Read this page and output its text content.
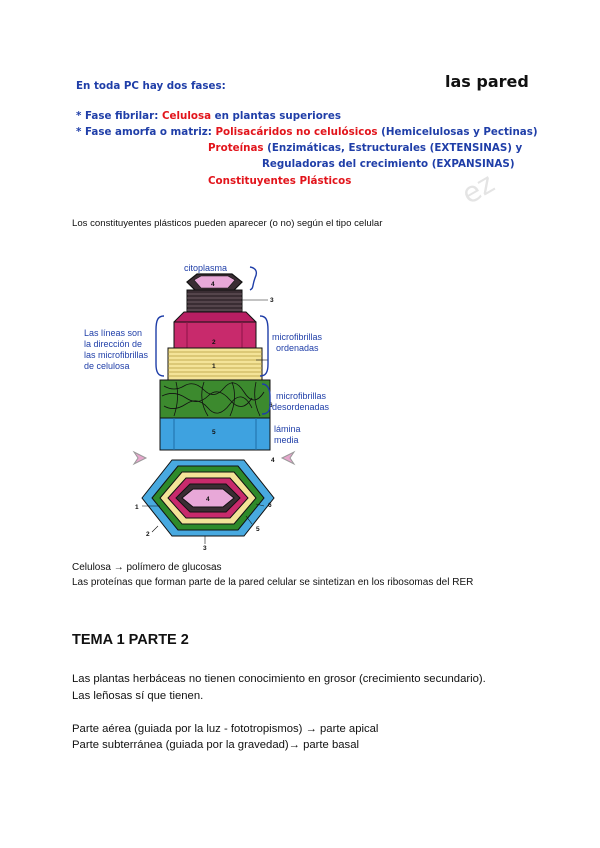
En toda PC hay dos fases:	las pared
* Fase fibrilar: Celulosa en plantas superiores
* Fase amorfa o matriz: Polisacáridos no celulósicos (Hemicelulosas y Pectinas)
Proteínas (Enzimáticas, Estructurales (EXTENSINAS) y
Reguladoras del crecimiento (EXPANSINAS)
Constituyentes Plásticos	ez
Los constituyentes plásticos pueden aparecer (o no) según el tipo celular
4
3
2
1
6
5
4
6
5
1
2
3
4
citoplasma
Las líneas son
la dirección de
las microfibrillas
de celulosa
microfibrillas
ordenadas
microfibrillas
desordenadas
lámina
media
Celulosa → polímero de glucosas
Las proteínas que forman parte de la pared celular se sintetizan en los ribosomas del RER
TEMA 1 PARTE 2
Las plantas herbáceas no tienen conocimiento en grosor (crecimiento secundario).
Las leñosas sí que tienen.
Parte aérea (guiada por la luz - fototropismos) → parte apical
Parte subterránea (guiada por la gravedad)→ parte basal
